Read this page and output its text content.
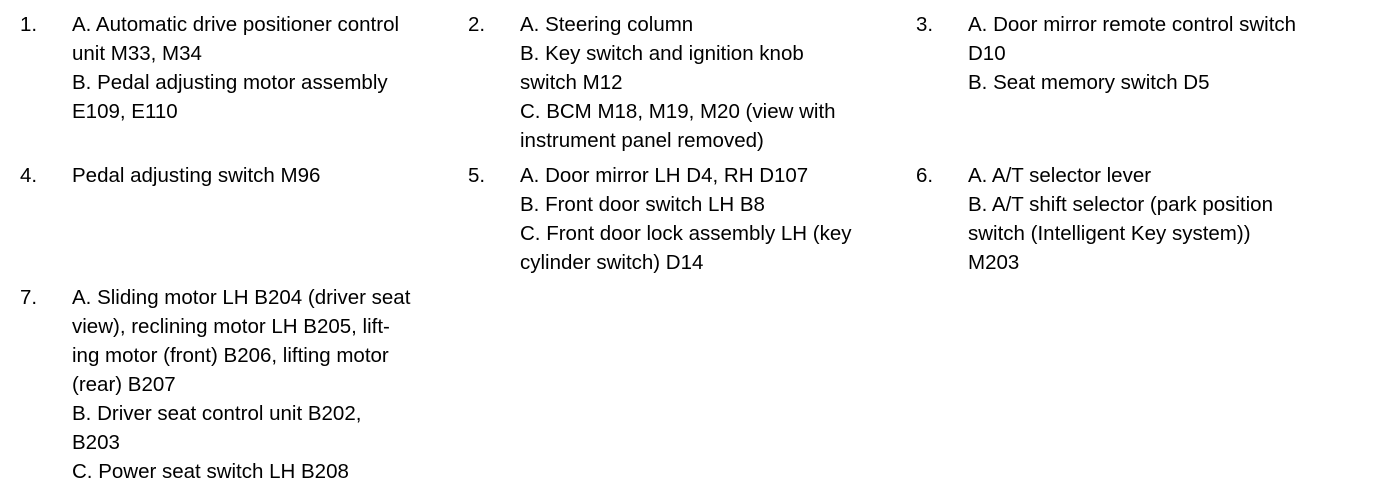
1. A. Automatic drive positioner control
unit M33, M34
B. Pedal adjusting motor assembly
E109, E110
2. A. Steering column
B. Key switch and ignition knob
switch M12
C. BCM M18, M19, M20 (view with
instrument panel removed)
3. A. Door mirror remote control switch
D10
B. Seat memory switch D5
4. Pedal adjusting switch M96	5. A. Door mirror LH D4, RH D107
B. Front door switch LH B8
C. Front door lock assembly LH (key
cylinder switch) D14
6. A. A/T selector lever
B. A/T shift selector (park position
switch (Intelligent Key system))
M203
7. A. Sliding motor LH B204 (driver seat
view), reclining motor LH B205, lift-
ing motor (front) B206, lifting motor
(rear) B207
B. Driver seat control unit B202,
B203
C. Power seat switch LH B208
